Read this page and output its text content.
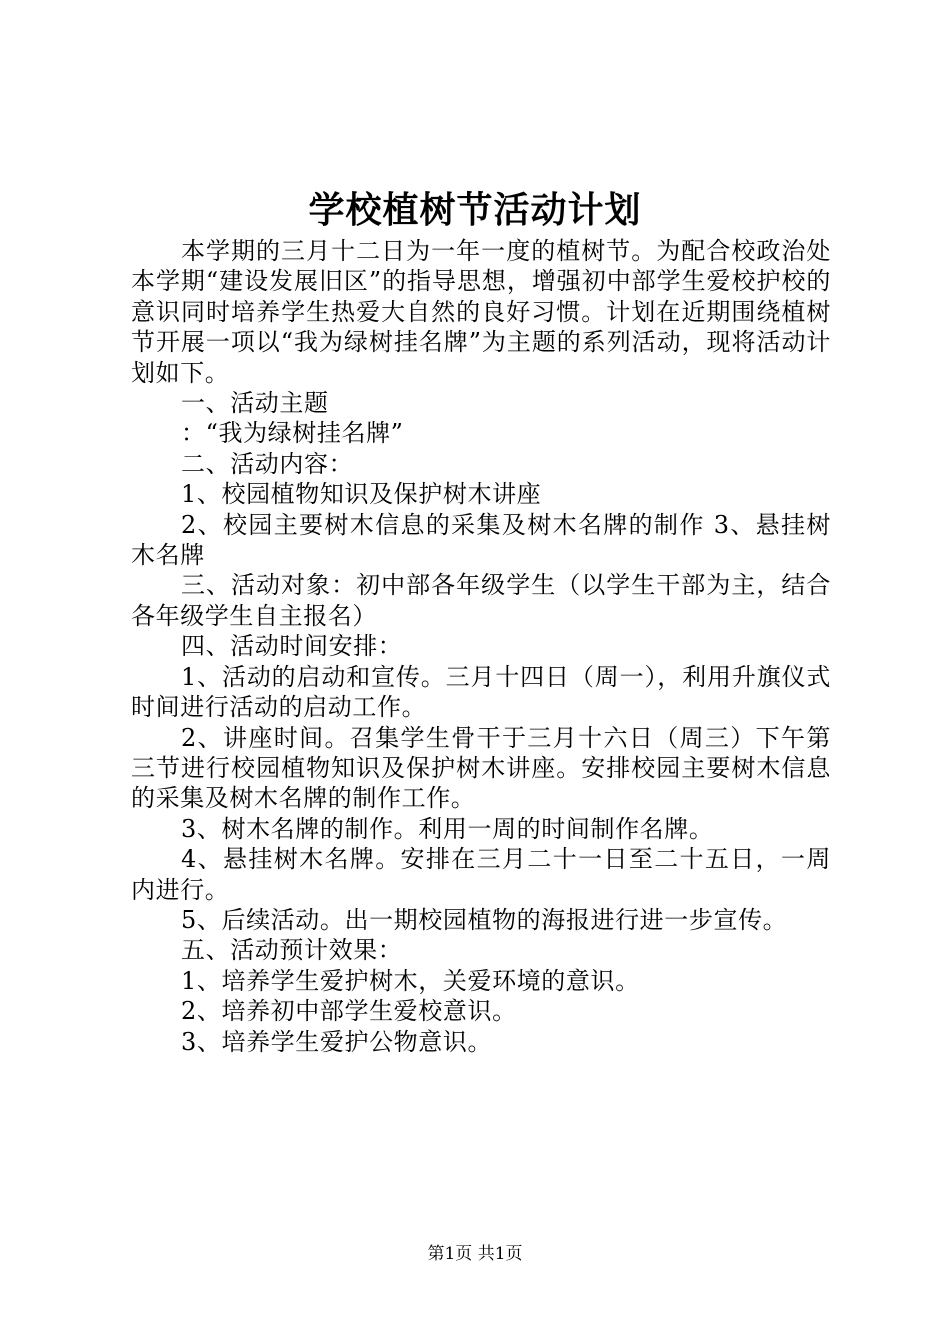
学校植树节活动计划

本学期的三月十二日为一年一度的植树节。为配合校政治处本学期“建设发展旧区”的指导思想，增强初中部学生爱校护校的意识同时培养学生热爱大自然的良好习惯。计划在近期围绕植树节开展一项以“我为绿树挂名牌”为主题的系列活动，现将活动计划如下。

一、活动主题

：“我为绿树挂名牌”

二、活动内容：

1、校园植物知识及保护树木讲座

2、校园主要树木信息的采集及树木名牌的制作 3、悬挂树木名牌

三、活动对象：初中部各年级学生（以学生干部为主，结合各年级学生自主报名）

四、活动时间安排：

1、活动的启动和宣传。三月十四日（周一），利用升旗仪式时间进行活动的启动工作。

2、讲座时间。召集学生骨干于三月十六日（周三）下午第三节进行校园植物知识及保护树木讲座。安排校园主要树木信息的采集及树木名牌的制作工作。

3、树木名牌的制作。利用一周的时间制作名牌。

4、悬挂树木名牌。安排在三月二十一日至二十五日，一周内进行。

5、后续活动。出一期校园植物的海报进行进一步宣传。

五、活动预计效果：

1、培养学生爱护树木，关爱环境的意识。

2、培养初中部学生爱校意识。

3、培养学生爱护公物意识。

第1页 共1页
